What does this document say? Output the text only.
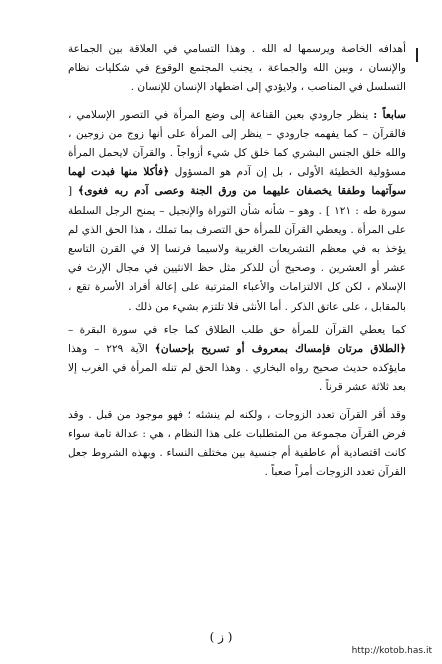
أهدافه الخاصة ويرسمها له الله . وهذا التسامي في العلاقة بين الجماعة والإنسان ، وبين الله والجماعة ، يجنب المجتمع الوقوع في شكليات نظام التسلسل في المناصب ، ولايؤدي إلى اضطهاد الإنسان للإنسان .

سابعاً : ينظر جارودي بعين القناعة إلى وضع المرأة في التصور الإسلامي ، فالقرآن – كما يفهمه جارودي – ينظر إلى المرأة على أنها زوج من زوجين ، والله خلق الجنس البشري كما خلق كل شيء أزواجاً . والقرآن لايحمل المرأة مسؤولية الخطيئة الأولى ، بل إن آدم هو المسؤول ﴿فأكلا منها فبدت لهما سوآتهما وطفقا يخصفان عليهما من ورق الجنة وعصى آدم ربه فغوى﴾ [ سورة طه : ١٢١ ] . وهو – شأنه شأن التوراة والإنجيل – يمنح الرجل السلطة على المرأة . ويعطي القرآن للمرأة حق التصرف بما تملك ، هذا الحق الذي لم يؤخذ به في معظم التشريعات الغربية ولاسيما فرنسا إلا في القرن التاسع عشر أو العشرين . وصحيح أن للذكر مثل حظ الانثيين في مجال الإرث في الإسلام ، لكن كل الالتزامات والأعباء المترتبة على إعالة أفراد الأسرة تقع ، بالمقابل ، على عاتق الذكر . أما الأنثى فلا تلتزم بشيء من ذلك .

كما يعطي القرآن للمرأة حق طلب الطلاق كما جاء في سورة البقرة – ﴿الطلاق مرتان فإمساك بمعروف أو تسريح بإحسان﴾ الآية ٢٢٩ – وهذا مايؤكده حديث صحيح رواه البخاري . وهذا الحق لم تنله المرأة في الغرب إلا بعد ثلاثة عشر قرناً .

وقد أقر القرآن تعدد الزوجات ، ولكنه لم ينشئه ؛ فهو موجود من قبل . وقد فرض القرآن مجموعة من المتطلبات على هذا النظام ، هي : عدالة تامة سواء كانت اقتصادية أم عاطفية أم جنسية بين مختلف النساء . وبهذه الشروط جعل القرآن تعدد الزوجات أمراً صعباً .

( ز )
http://kotob.has.it
